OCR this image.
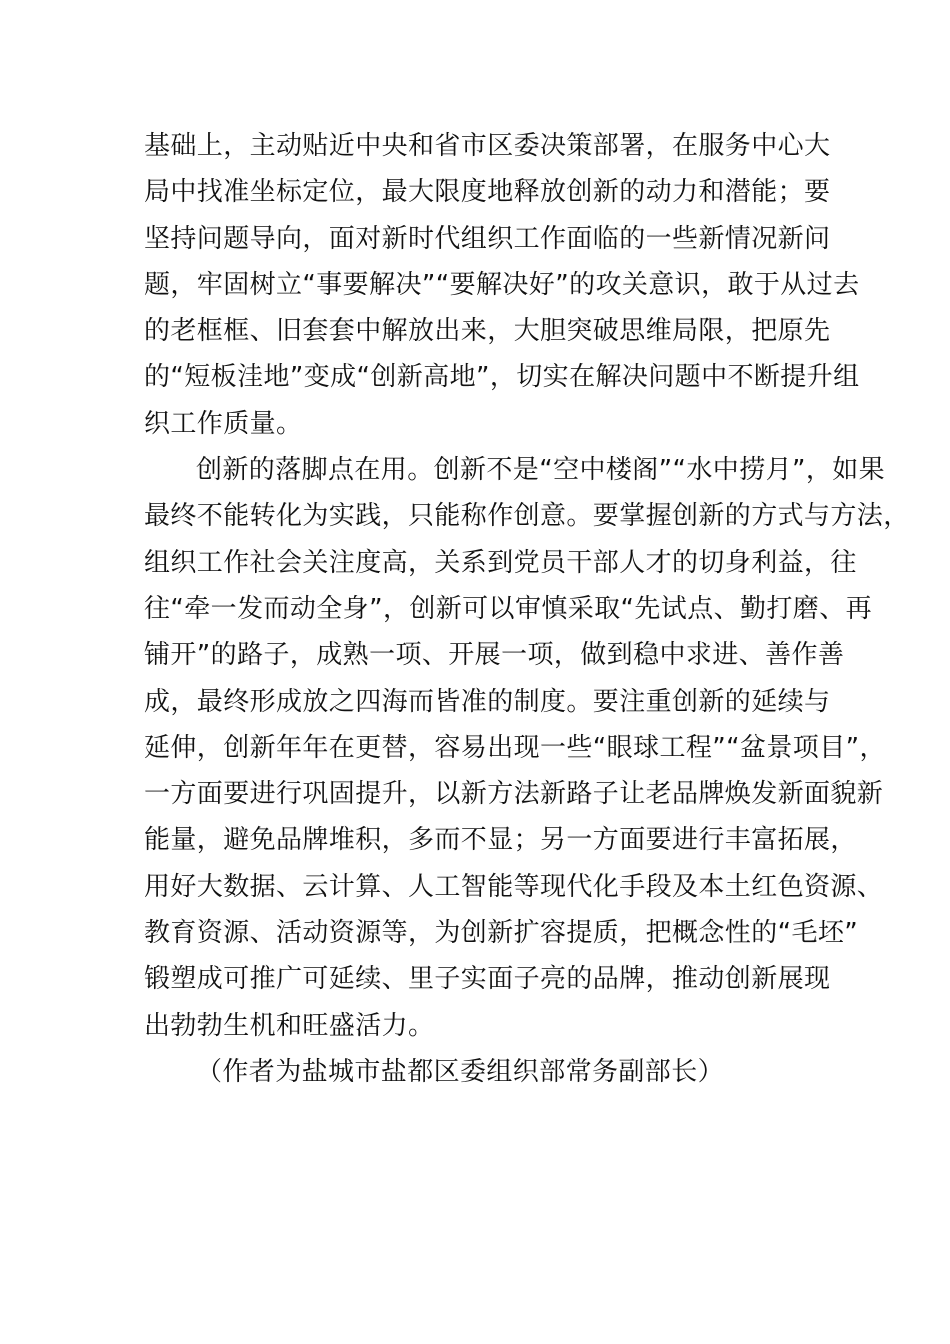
基础上，主动贴近中央和省市区委决策部署，在服务中心大
局中找准坐标定位，最大限度地释放创新的动力和潜能；要
坚持问题导向，面对新时代组织工作面临的一些新情况新问
题，牢固树立“事要解决”“要解决好”的攻关意识，敢于从过去
的老框框、旧套套中解放出来，大胆突破思维局限，把原先
的“短板洼地”变成“创新高地”，切实在解决问题中不断提升组
织工作质量。
创新的落脚点在用。创新不是“空中楼阁”“水中捞月”，如果
最终不能转化为实践，只能称作创意。要掌握创新的方式与方法，
组织工作社会关注度高，关系到党员干部人才的切身利益，往
往“牵一发而动全身”，创新可以审慎采取“先试点、勤打磨、再
铺开”的路子，成熟一项、开展一项，做到稳中求进、善作善
成，最终形成放之四海而皆准的制度。要注重创新的延续与
延伸，创新年年在更替，容易出现一些“眼球工程”“盆景项目”，
一方面要进行巩固提升，以新方法新路子让老品牌焕发新面貌新
能量，避免品牌堆积，多而不显；另一方面要进行丰富拓展，
用好大数据、云计算、人工智能等现代化手段及本土红色资源、
教育资源、活动资源等，为创新扩容提质，把概念性的“毛坯”
锻塑成可推广可延续、里子实面子亮的品牌，推动创新展现
出勃勃生机和旺盛活力。
（作者为盐城市盐都区委组织部常务副部长）
